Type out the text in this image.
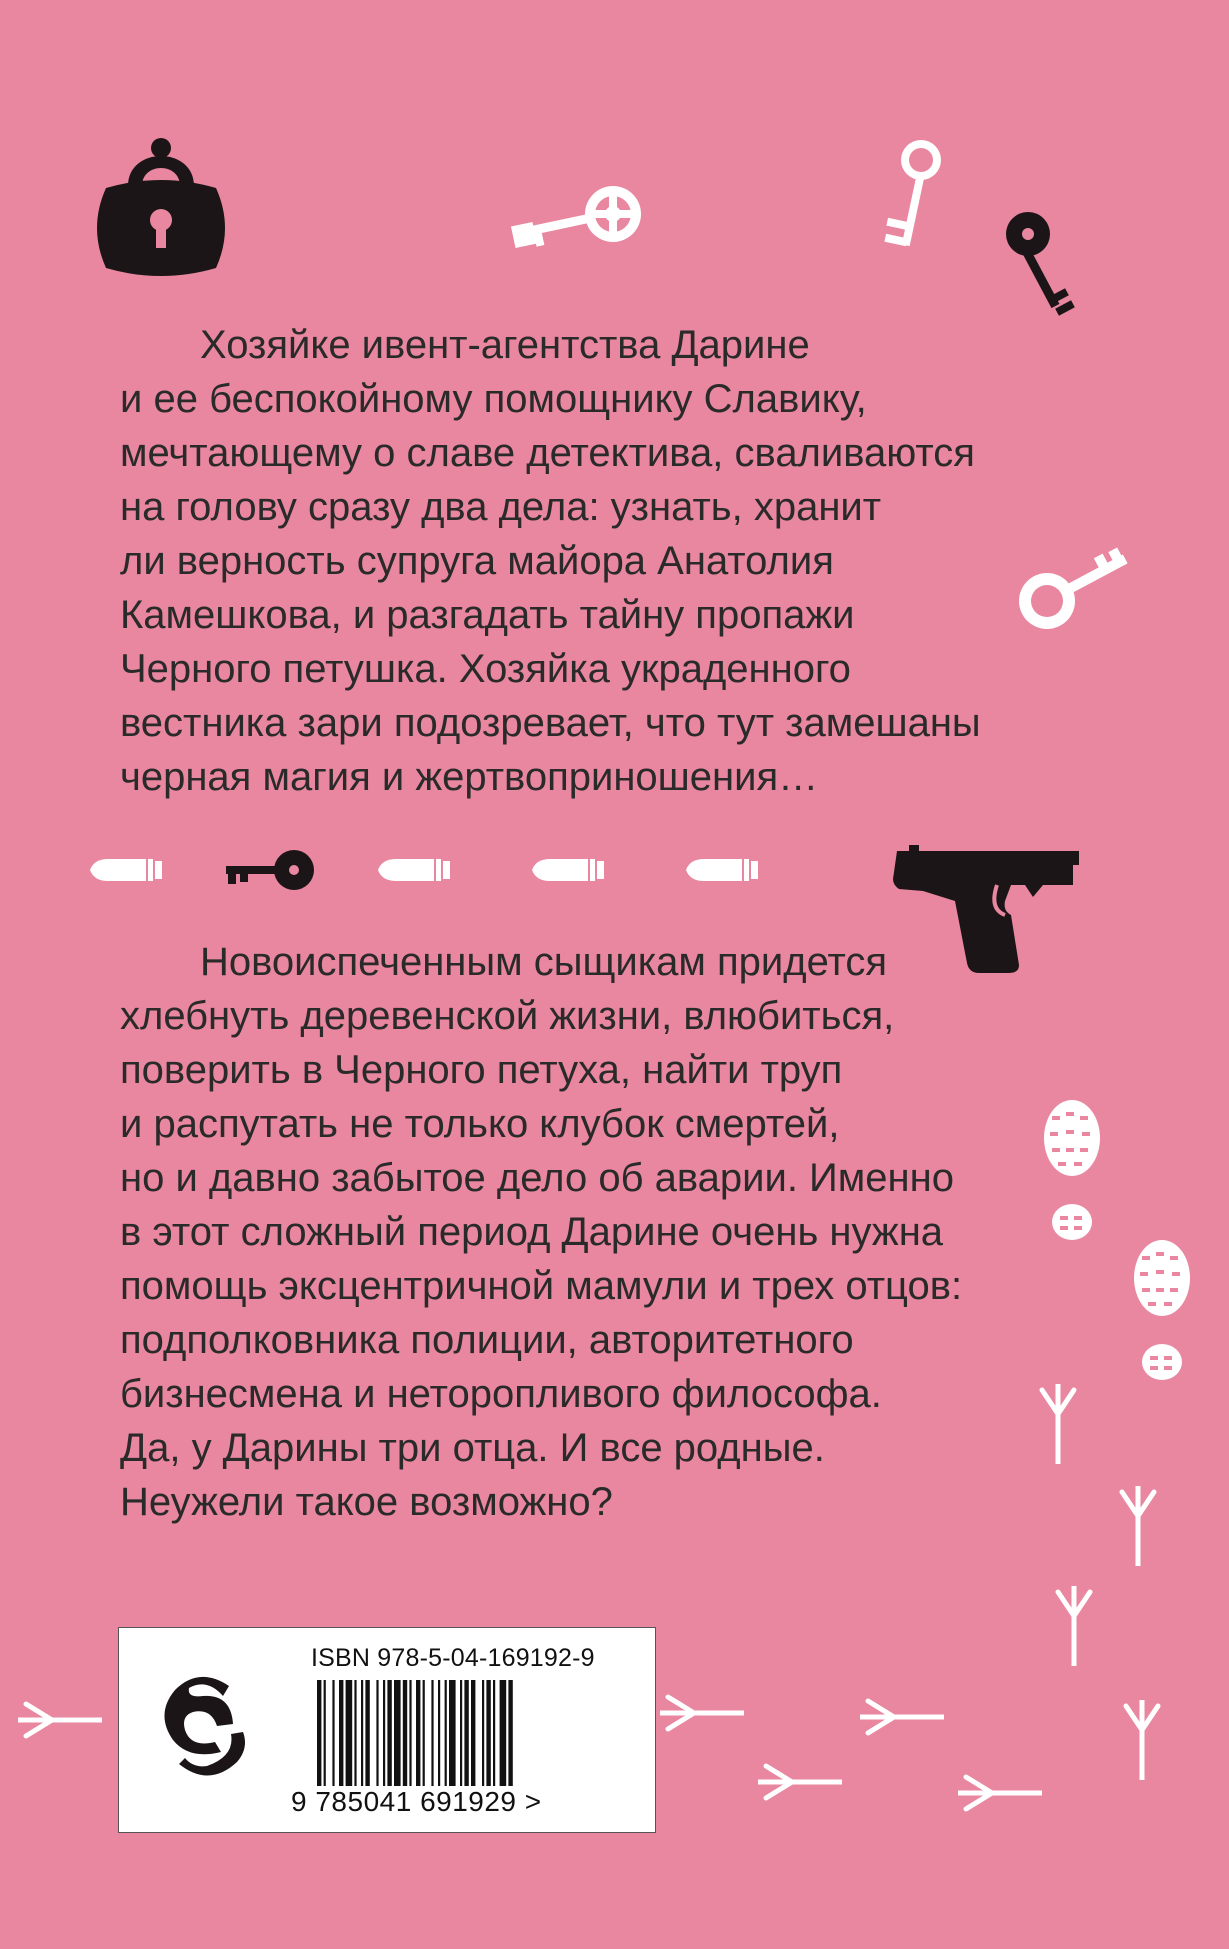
Хозяйке ивент-агентства Дарине
и ее беспокойному помощнику Славику,
мечтающему о славе детектива, сваливаются
на голову сразу два дела: узнать, хранит
ли верность супруга майора Анатолия
Камешкова, и разгадать тайну пропажи
Черного петушка. Хозяйка украденного
вестника зари подозревает, что тут замешаны
черная магия и жертвоприношения…

Новоиспеченным сыщикам придется
хлебнуть деревенской жизни, влюбиться,
поверить в Черного петуха, найти труп
и распутать не только клубок смертей,
но и давно забытое дело об аварии. Именно
в этот сложный период Дарине очень нужна
помощь эксцентричной мамули и трех отцов:
подполковника полиции, авторитетного
бизнесмена и неторопливого философа.
Да, у Дарины три отца. И все родные.
Неужели такое возможно?

ISBN 978-5-04-169192-9
9 785041 691929 >
